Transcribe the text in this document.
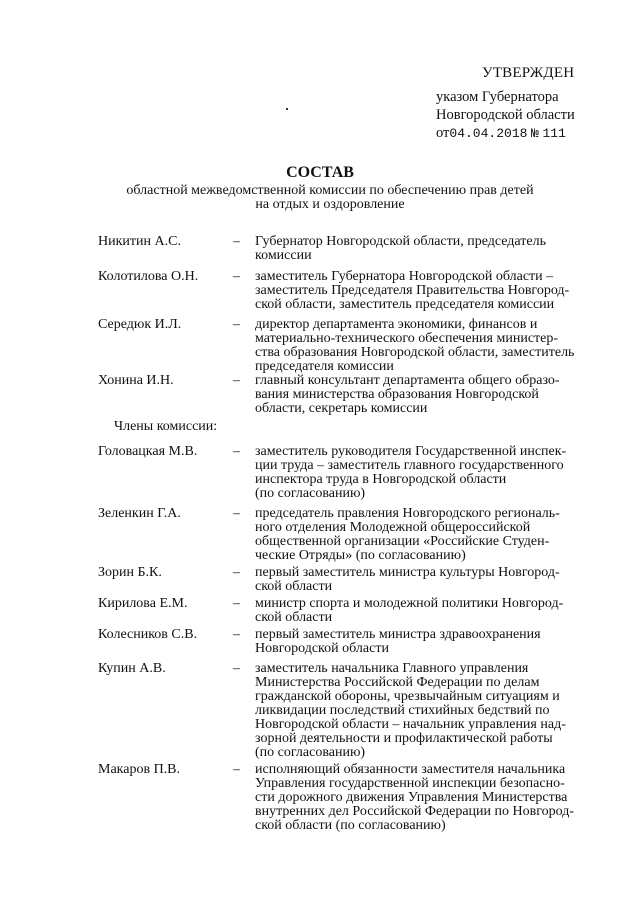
УТВЕРЖДЕН
указом Губернатора
Новгородской области
от04.04.2018 № 111
СОСТАВ
областной межведомственной комиссии по обеспечению прав детей
на отдых и оздоровление
Никитин А.С.	–	Губернатор Новгородской области, председатель
комиссии
Колотилова О.Н.	–	заместитель Губернатора Новгородской области –
заместитель Председателя Правительства Новгород-
ской области, заместитель председателя комиссии
Середюк И.Л.	–	директор департамента экономики, финансов и
материально-технического обеспечения министер-
ства образования Новгородской области, заместитель
председателя комиссии
Хонина И.Н.	–	главный консультант департамента общего образо-
вания министерства образования Новгородской
области, секретарь комиссии
Члены комиссии:
Головацкая М.В.	–	заместитель руководителя Государственной инспек-
ции труда – заместитель главного государственного
инспектора труда в Новгородской области
(по согласованию)
Зеленкин Г.А.	–	председатель правления Новгородского региональ-
ного отделения Молодежной общероссийской
общественной организации «Российские Студен-
ческие Отряды» (по согласованию)
Зорин Б.К.	–	первый заместитель министра культуры Новгород-
ской области
Кирилова Е.М.	–	министр спорта и молодежной политики Новгород-
ской области
Колесников С.В.	–	первый заместитель министра здравоохранения
Новгородской области
Купин А.В.	–	заместитель начальника Главного управления
Министерства Российской Федерации по делам
гражданской обороны, чрезвычайным ситуациям и
ликвидации последствий стихийных бедствий по
Новгородской области – начальник управления над-
зорной деятельности и профилактической работы
(по согласованию)
Макаров П.В.	–	исполняющий обязанности заместителя начальника
Управления государственной инспекции безопасно-
сти дорожного движения Управления Министерства
внутренних дел Российской Федерации по Новгород-
ской области (по согласованию)
